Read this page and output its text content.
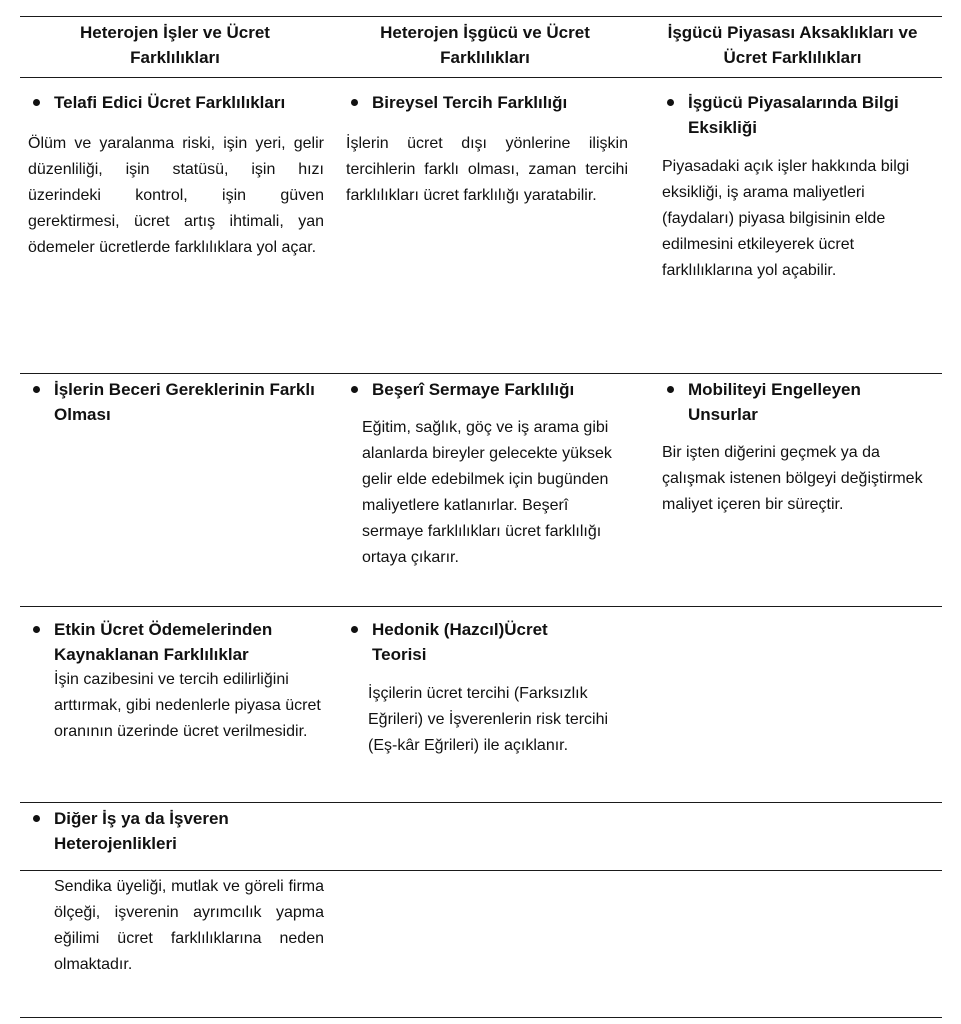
Heterojen İşler ve Ücret Farklılıkları
Heterojen İşgücü ve Ücret Farklılıkları
İşgücü Piyasası Aksaklıkları ve Ücret Farklılıkları
Telafi Edici Ücret Farklılıkları
Ölüm ve yaralanma riski, işin yeri, gelir düzenliliği, işin statüsü, işin hızı üzerindeki kontrol, işin güven gerektirmesi, ücret artış ihtimali, yan ödemeler ücretlerde farklılıklara yol açar.
Bireysel Tercih Farklılığı
İşlerin ücret dışı yönlerine ilişkin tercihlerin farklı olması, zaman tercihi farklılıkları ücret farklılığı yaratabilir.
İşgücü Piyasalarında Bilgi Eksikliği
Piyasadaki açık işler hakkında bilgi eksikliği, iş arama maliyetleri (faydaları) piyasa bilgisinin elde edilmesini etkileyerek ücret farklılıklarına yol açabilir.
İşlerin Beceri Gereklerinin Farklı Olması
Beşerî Sermaye Farklılığı
Eğitim, sağlık, göç ve iş arama gibi alanlarda bireyler gelecekte yüksek gelir elde edebilmek için bugünden maliyetlere katlanırlar. Beşerî sermaye farklılıkları ücret farklılığı ortaya çıkarır.
Mobiliteyi Engelleyen Unsurlar
Bir işten diğerini geçmek ya da çalışmak istenen bölgeyi değiştirmek maliyet içeren bir süreçtir.
Etkin Ücret Ödemelerinden Kaynaklanan Farklılıklar
İşin cazibesini ve tercih edilirliğini arttırmak, gibi nedenlerle piyasa ücret oranının üzerinde ücret verilmesidir.
Hedonik (Hazcıl)Ücret Teorisi
İşçilerin ücret tercihi (Farksızlık Eğrileri) ve İşverenlerin risk tercihi (Eş-kâr Eğrileri) ile açıklanır.
Diğer İş ya da İşveren Heterojenlikleri
Sendika üyeliği, mutlak ve göreli firma ölçeği, işverenin ayrımcılık yapma eğilimi ücret farklılıklarına neden olmaktadır.
